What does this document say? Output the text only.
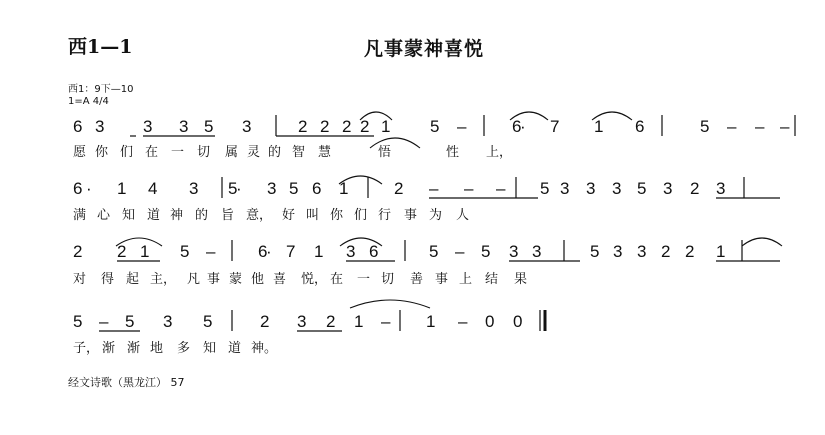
西1—1	凡事蒙神喜悦
西1：9下—10
1=A 4/4
6 3 3 3 5 3	2 2 2 2 1 5 –	6
· 7 1 6	5 – – –
愿 你 们 在 一 切 属 灵 的 智 慧	悟	性 上，
6 · 1 4 3 5
· 3 5 6 1	2 – – – 5 3 3 3 5 3 2 3
满 心 知 道 神 的 旨 意， 好 叫 你 们 行 事 为 人
2 2 1 5 –	6
· 7 1 3 6	5 – 5 3 3	5 3 3 2 2 1
对 得 起 主， 凡 事 蒙 他 喜 悦， 在 一 切 善 事 上 结 果
5 – 5 3 5	2 3 2 1 – 1 – 0 0
子， 渐 渐 地 多 知 道 神。
经文诗歌（黑龙江） 57
